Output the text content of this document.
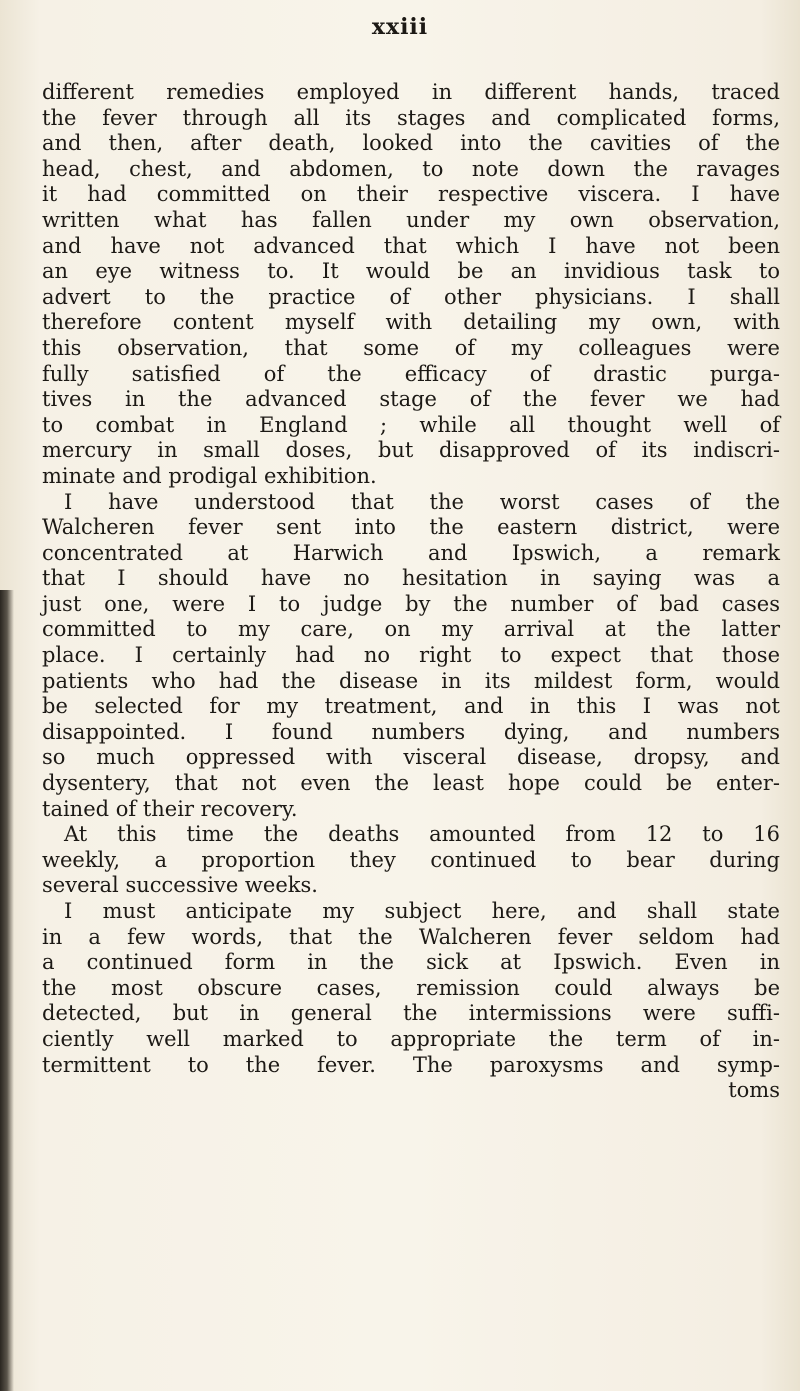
xxiii
different remedies employed in different hands, traced
the fever through all its stages and complicated forms,
and then, after death, looked into the cavities of the
head, chest, and abdomen, to note down the ravages
it had committed on their respective viscera. I have
written what has fallen under my own observation,
and have not advanced that which I have not been
an eye witness to. It would be an invidious task to
advert to the practice of other physicians. I shall
therefore content myself with detailing my own, with
this observation, that some of my colleagues were
fully satisfied of the efficacy of drastic purga-
tives in the advanced stage of the fever we had
to combat in England ; while all thought well of
mercury in small doses, but disapproved of its indiscri-
minate and prodigal exhibition.
I have understood that the worst cases of the
Walcheren fever sent into the eastern district, were
concentrated at Harwich and Ipswich, a remark
that I should have no hesitation in saying was a
just one, were I to judge by the number of bad cases
committed to my care, on my arrival at the latter
place. I certainly had no right to expect that those
patients who had the disease in its mildest form, would
be selected for my treatment, and in this I was not
disappointed. I found numbers dying, and numbers
so much oppressed with visceral disease, dropsy, and
dysentery, that not even the least hope could be enter-
tained of their recovery.
At this time the deaths amounted from 12 to 16
weekly, a proportion they continued to bear during
several successive weeks.
I must anticipate my subject here, and shall state
in a few words, that the Walcheren fever seldom had
a continued form in the sick at Ipswich. Even in
the most obscure cases, remission could always be
detected, but in general the intermissions were suffi-
ciently well marked to appropriate the term of in-
termittent to the fever. The paroxysms and symp-
toms
